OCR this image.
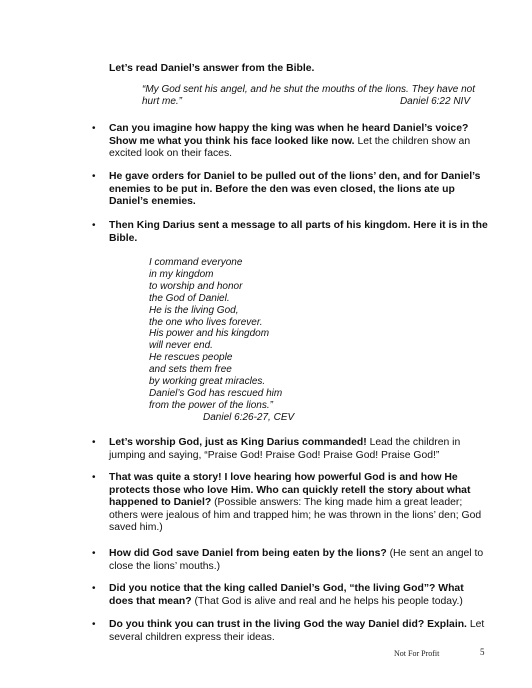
Let’s read Daniel’s answer from the Bible.
“My God sent his angel, and he shut the mouths of the lions. They have not hurt me.”	Daniel 6:22 NIV
• Can you imagine how happy the king was when he heard Daniel’s voice? Show me what you think his face looked like now. Let the children show an excited look on their faces.
• He gave orders for Daniel to be pulled out of the lions’ den, and for Daniel’s enemies to be put in. Before the den was even closed, the lions ate up Daniel’s enemies.
• Then King Darius sent a message to all parts of his kingdom. Here it is in the Bible.
I command everyone
in my kingdom
to worship and honor
the God of Daniel.
He is the living God,
the one who lives forever.
His power and his kingdom
will never end.
He rescues people
and sets them free
by working great miracles.
Daniel’s God has rescued him
from the power of the lions.”
Daniel 6:26-27, CEV
• Let’s worship God, just as King Darius commanded! Lead the children in jumping and saying, “Praise God! Praise God! Praise God! Praise God!”
• That was quite a story! I love hearing how powerful God is and how He protects those who love Him. Who can quickly retell the story about what happened to Daniel? (Possible answers: The king made him a great leader; others were jealous of him and trapped him; he was thrown in the lions’ den; God saved him.)
• How did God save Daniel from being eaten by the lions? (He sent an angel to close the lions’ mouths.)
• Did you notice that the king called Daniel’s God, “the living God”? What does that mean? (That God is alive and real and he helps his people today.)
• Do you think you can trust in the living God the way Daniel did? Explain. Let several children express their ideas.
Not For Profit	5
